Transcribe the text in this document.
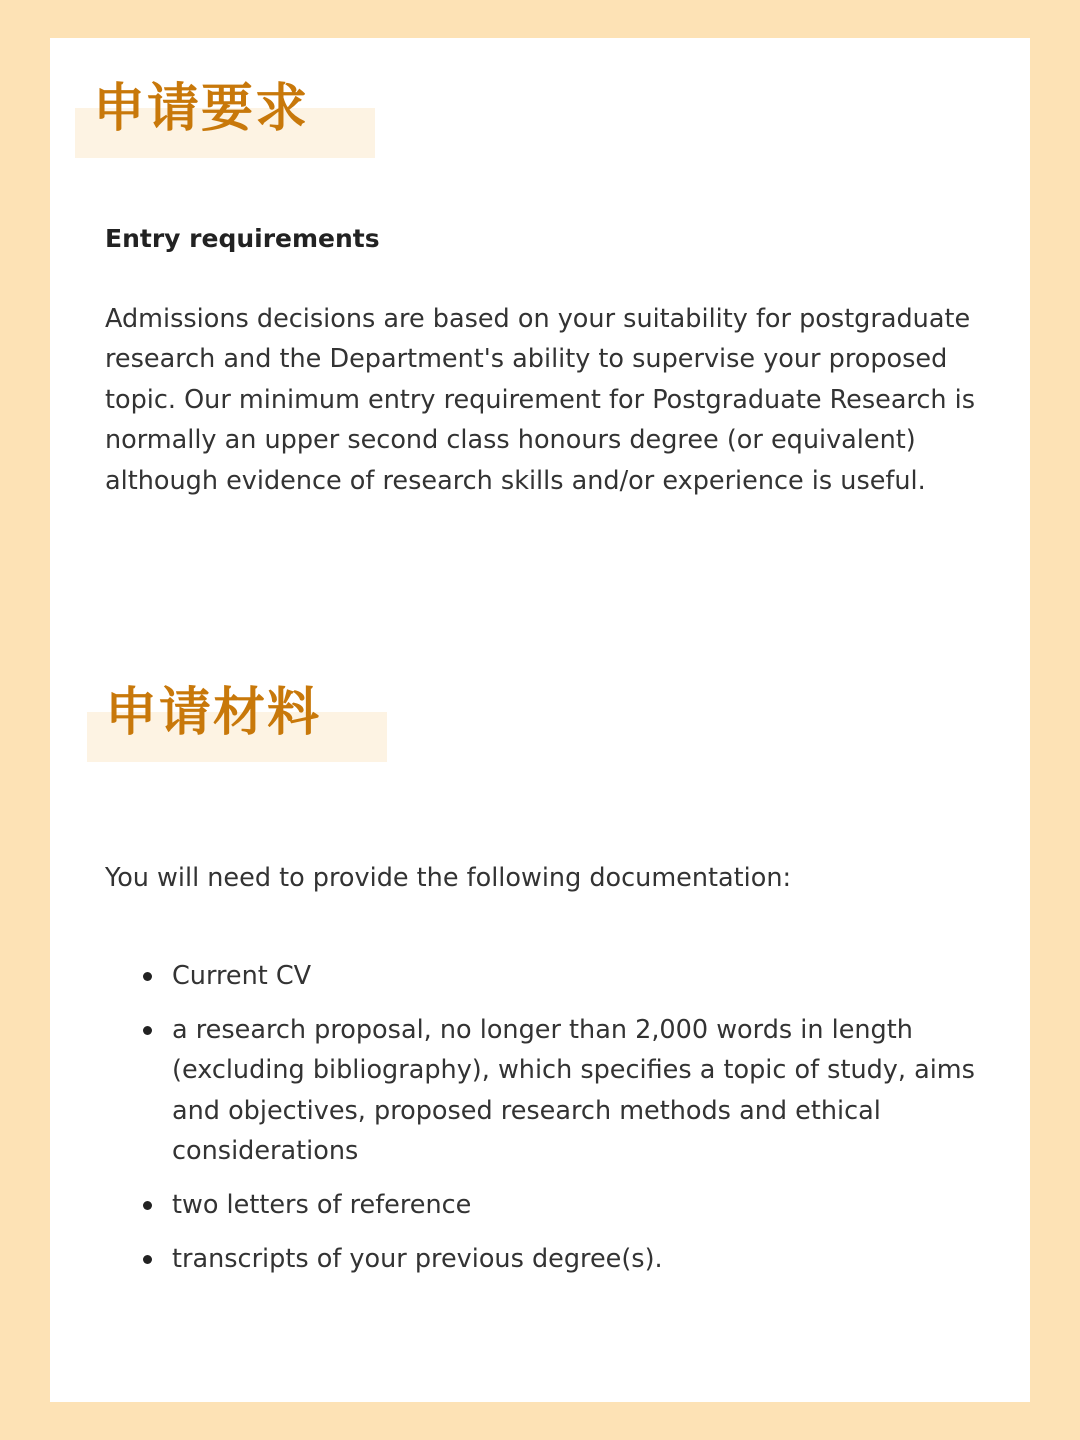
申请要求
Entry requirements

Admissions decisions are based on your suitability for postgraduate research and the Department's ability to supervise your proposed topic. Our minimum entry requirement for Postgraduate Research is normally an upper second class honours degree (or equivalent) although evidence of research skills and/or experience is useful.

申请材料

You will need to provide the following documentation:

Current CV
a research proposal, no longer than 2,000 words in length (excluding bibliography), which specifies a topic of study, aims and objectives, proposed research methods and ethical considerations
two letters of reference
transcripts of your previous degree(s).
